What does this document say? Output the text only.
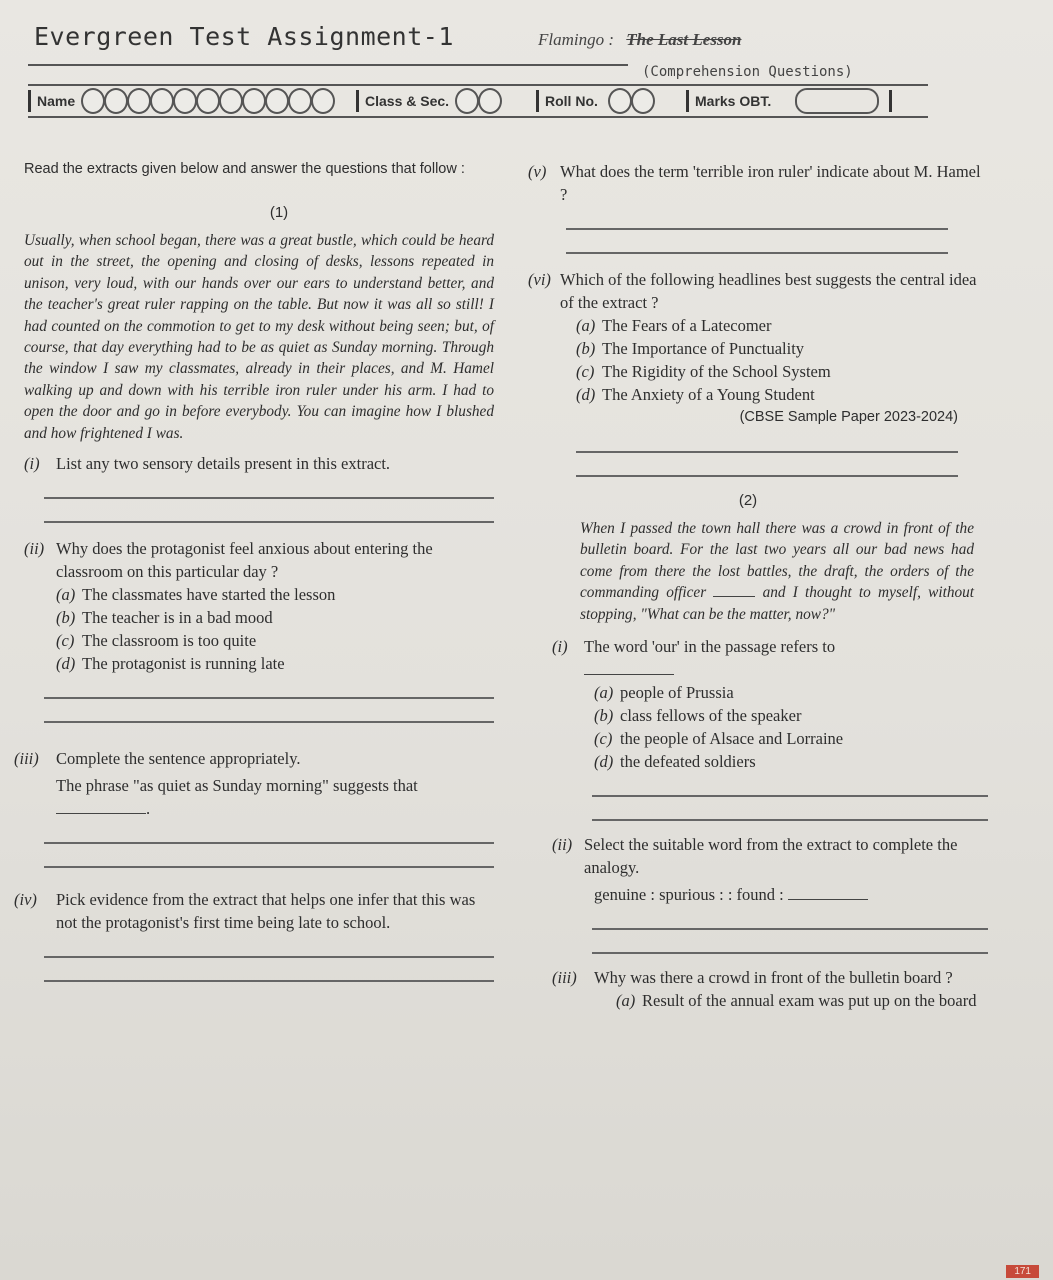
Evergreen Test Assignment-1	Flamingo : The Last Lesson
(Comprehension Questions)
Name	Class & Sec.	Roll No.	Marks OBT.
Read the extracts given below and answer the questions that follow :
(1)
Usually, when school began, there was a great bustle, which could be heard out in the street, the opening and closing of desks, lessons repeated in unison, very loud, with our hands over our ears to understand better, and the teacher's great ruler rapping on the table. But now it was all so still! I had counted on the commotion to get to my desk without being seen; but, of course, that day everything had to be as quiet as Sunday morning. Through the window I saw my classmates, already in their places, and M. Hamel walking up and down with his terrible iron ruler under his arm. I had to open the door and go in before everybody. You can imagine how I blushed and how frightened I was.
(i) List any two sensory details present in this extract.
(ii) Why does the protagonist feel anxious about entering the classroom on this particular day ?
(a) The classmates have started the lesson
(b) The teacher is in a bad mood
(c) The classroom is too quite
(d) The protagonist is running late
(iii)	Complete the sentence appropriately.
The phrase "as quiet as Sunday morning" suggests that .
(iv)	Pick evidence from the extract that helps one infer that this was not the protagonist's first time being late to school.
(v) What does the term 'terrible iron ruler' indicate about M. Hamel ?
(vi) Which of the following headlines best suggests the central idea of the extract ?
(a) The Fears of a Latecomer
(b) The Importance of Punctuality
(c) The Rigidity of the School System
(d) The Anxiety of a Young Student
(CBSE Sample Paper 2023-2024)
(2)
When I passed the town hall there was a crowd in front of the bulletin board. For the last two years all our bad news had come from there the lost battles, the draft, the orders of the commanding officer	and I thought to myself, without stopping, "What can be the matter, now?"
(i) The word 'our' in the passage refers to
(a) people of Prussia
(b) class fellows of the speaker
(c) the people of Alsace and Lorraine
(d) the defeated soldiers
(ii) Select the suitable word from the extract to complete the analogy.
genuine : spurious : : found :
(iii)	Why was there a crowd in front of the bulletin board ?
(a) Result of the annual exam was put up on the board
171
